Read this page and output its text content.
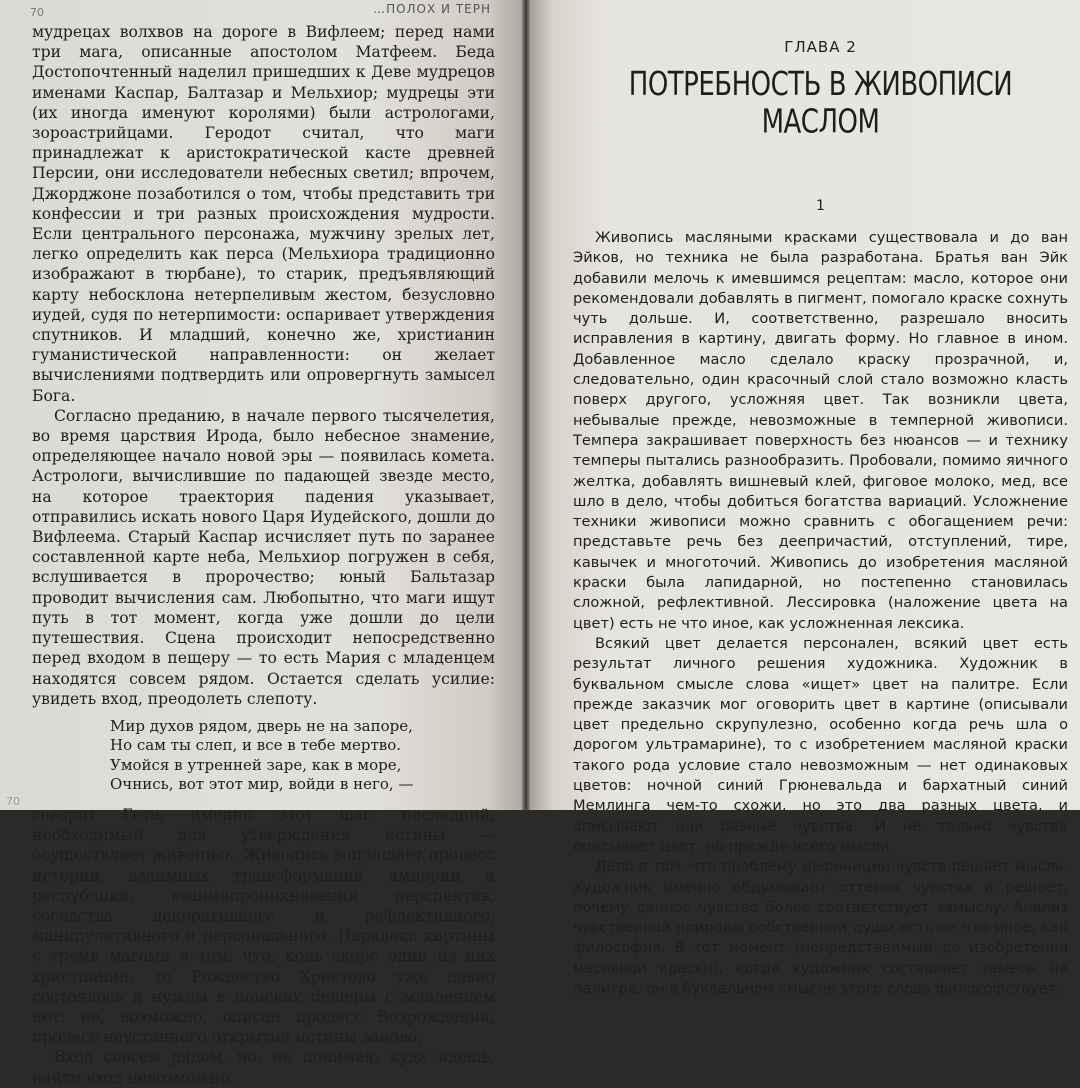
70	…ПОЛОХ И ТЕРН

мудрецах волхвов на дороге в Вифлеем; перед нами три мага, описанные апостолом Матфеем. Беда Достопочтенный наделил пришедших к Деве мудрецов именами Каспар, Балтазар и Мельхиор; мудрецы эти (их иногда именуют королями) были астрологами, зороастрийцами. Геродот считал, что маги принадлежат к аристократической касте древней Персии, они исследователи небесных светил; впрочем, Джорджоне позаботился о том, чтобы представить три конфессии и три разных происхождения мудрости. Если центрального персонажа, мужчину зрелых лет, легко определить как перса (Мельхиора традиционно изображают в тюрбане), то старик, предъявляющий карту небосклона нетерпеливым жестом, безусловно иудей, судя по нетерпимости: оспаривает утверждения спутников. И младший, конечно же, христианин гуманистической направленности: он желает вычислениями подтвердить или опровергнуть замысел Бога.

Согласно преданию, в начале первого тысячелетия, во время царствия Ирода, было небесное знамение, определяющее начало новой эры — появилась комета. Астрологи, вычислившие по падающей звезде место, на которое траектория падения указывает, отправились искать нового Царя Иудейского, дошли до Вифлеема. Старый Каспар исчисляет путь по заранее составленной карте неба, Мельхиор погружен в себя, вслушивается в пророчество; юный Бальтазар проводит вычисления сам. Любопытно, что маги ищут путь в тот момент, когда уже дошли до цели путешествия. Сцена происходит непосредственно перед входом в пещеру — то есть Мария с младенцем находятся совсем рядом. Остается сделать усилие: увидеть вход, преодолеть слепоту.

Мир духов рядом, дверь не на запоре,
Но сам ты слеп, и все в тебе мертво.
Умойся в утренней заре, как в море,
Очнись, вот этот мир, войди в него, —

говорит Гете; именно этот шаг, последний, необходимый для утверждения истины — осуществляет живопись. Живопись воплощает процесс истории, взаимных трансформаций империи и республики, взаимопроникновения перспектив, соседства декоративного и рефлективного, манипулятивного и персонального. Парадокс картины с тремя магами в том, что, коль скоро один из них христианин, то Рождество Христово уже давно состоялось и нужды в поисках пещеры с младенцем нет; но, возможно, описан процесс Возрождения, процесс неустанного открытия истины заново.

Вход совсем рядом, но, не понимая, куда идешь, найти вход невозможно.

70
ГЛАВА 2
ПОТРЕБНОСТЬ В ЖИВОПИСИ МАСЛОМ
1

Живопись масляными красками существовала и до ван Эйков, но техника не была разработана. Братья ван Эйк добавили мелочь к имевшимся рецептам: масло, которое они рекомендовали добавлять в пигмент, помогало краске сохнуть чуть дольше. И, соответственно, разрешало вносить исправления в картину, двигать форму. Но главное в ином. Добавленное масло сделало краску прозрачной, и, следовательно, один красочный слой стало возможно класть поверх другого, усложняя цвет. Так возникли цвета, небывалые прежде, невозможные в темперной живописи. Темпера закрашивает поверхность без нюансов — и технику темперы пытались разнообразить. Пробовали, помимо яичного желтка, добавлять вишневый клей, фиговое молоко, мед, все шло в дело, чтобы добиться богатства вариаций. Усложнение техники живописи можно сравнить с обогащением речи: представьте речь без деепричастий, отступлений, тире, кавычек и многоточий. Живопись до изобретения масляной краски была лапидарной, но постепенно становилась сложной, рефлективной. Лессировка (наложение цвета на цвет) есть не что иное, как усложненная лексика.

Всякий цвет делается персонален, всякий цвет есть результат личного решения художника. Художник в буквальном смысле слова «ищет» цвет на палитре. Если прежде заказчик мог оговорить цвет в картине (описывали цвет предельно скрупулезно, особенно когда речь шла о дорогом ультрамарине), то с изобретением масляной краски такого рода условие стало невозможным — нет одинаковых цветов: ночной синий Грюневальда и бархатный синий Мемлинга чем-то схожи, но это два разных цвета, и описывают они разные чувства. И не только чувства описывает цвет, но прежде всего мысли.

Дело в том, что проблему дефиниции чувств решает мысль. Художник именно обдумывает оттенок чувства и решает, почему данное чувство более соответствует замыслу. Анализ чувственной природы собственной души есть не что иное, как философия. В тот момент (непредставимый до изобретения масляной краски), когда художник составляет замесы на палитре, он в буквальном смысле этого слова философствует.
